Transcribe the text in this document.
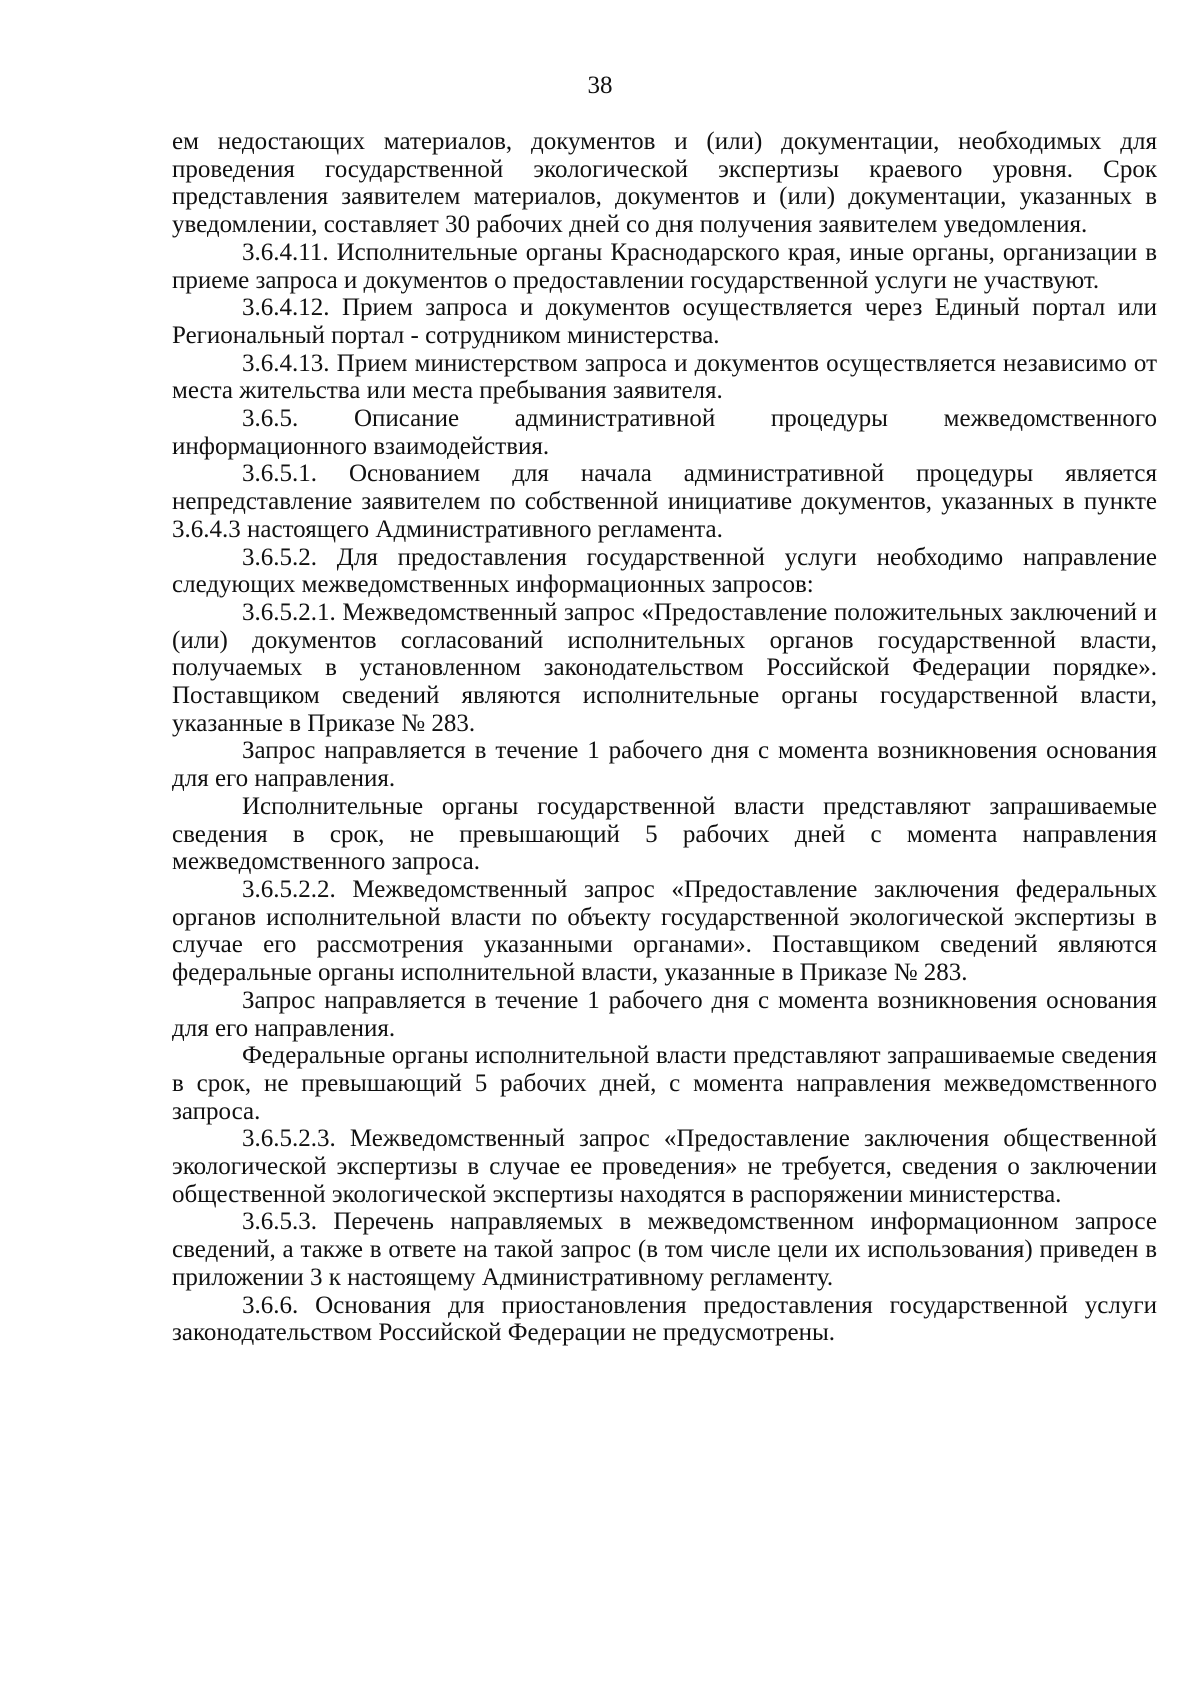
38

ем недостающих материалов, документов и (или) документации, необходимых для проведения государственной экологической экспертизы краевого уровня. Срок представления заявителем материалов, документов и (или) документации, указанных в уведомлении, составляет 30 рабочих дней со дня получения заявителем уведомления.

3.6.4.11. Исполнительные органы Краснодарского края, иные органы, организации в приеме запроса и документов о предоставлении государственной услуги не участвуют.

3.6.4.12. Прием запроса и документов осуществляется через Единый портал или Региональный портал - сотрудником министерства.

3.6.4.13. Прием министерством запроса и документов осуществляется независимо от места жительства или места пребывания заявителя.

3.6.5. Описание административной процедуры межведомственного информационного взаимодействия.

3.6.5.1. Основанием для начала административной процедуры является непредставление заявителем по собственной инициативе документов, указанных в пункте 3.6.4.3 настоящего Административного регламента.

3.6.5.2. Для предоставления государственной услуги необходимо направление следующих межведомственных информационных запросов:

3.6.5.2.1. Межведомственный запрос «Предоставление положительных заключений и (или) документов согласований исполнительных органов государственной власти, получаемых в установленном законодательством Российской Федерации порядке». Поставщиком сведений являются исполнительные органы государственной власти, указанные в Приказе № 283.

Запрос направляется в течение 1 рабочего дня с момента возникновения основания для его направления.

Исполнительные органы государственной власти представляют запрашиваемые сведения в срок, не превышающий 5 рабочих дней с момента направления межведомственного запроса.

3.6.5.2.2. Межведомственный запрос «Предоставление заключения федеральных органов исполнительной власти по объекту государственной экологической экспертизы в случае его рассмотрения указанными органами». Поставщиком сведений являются федеральные органы исполнительной власти, указанные в Приказе № 283.

Запрос направляется в течение 1 рабочего дня с момента возникновения основания для его направления.

Федеральные органы исполнительной власти представляют запрашиваемые сведения в срок, не превышающий 5 рабочих дней, с момента направления межведомственного запроса.

3.6.5.2.3. Межведомственный запрос «Предоставление заключения общественной экологической экспертизы в случае ее проведения» не требуется, сведения о заключении общественной экологической экспертизы находятся в распоряжении министерства.

3.6.5.3. Перечень направляемых в межведомственном информационном запросе сведений, а также в ответе на такой запрос (в том числе цели их использования) приведен в приложении 3 к настоящему Административному регламенту.

3.6.6. Основания для приостановления предоставления государственной услуги законодательством Российской Федерации не предусмотрены.
